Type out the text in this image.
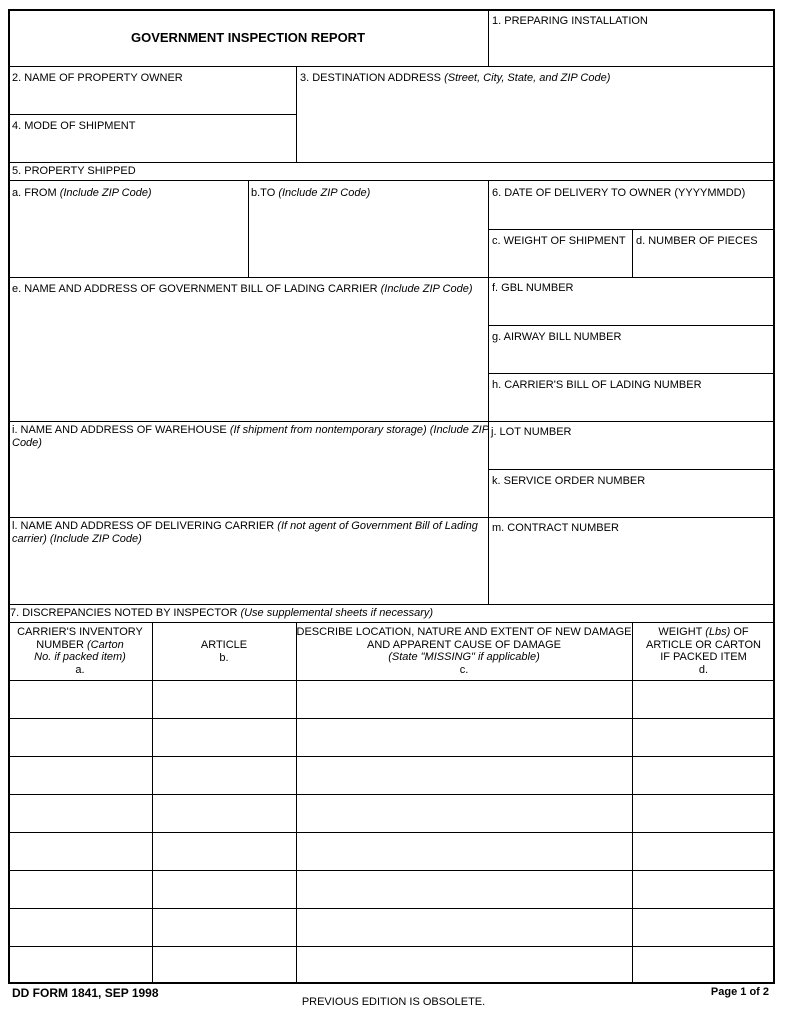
GOVERNMENT INSPECTION REPORT
1. PREPARING INSTALLATION
2. NAME OF PROPERTY OWNER	3. DESTINATION ADDRESS (Street, City, State, and ZIP Code)
4. MODE OF SHIPMENT
5. PROPERTY SHIPPED
a. FROM (Include ZIP Code)	b.TO (Include ZIP Code)	6. DATE OF DELIVERY TO OWNER (YYYYMMDD)
c. WEIGHT OF SHIPMENT d. NUMBER OF PIECES
e. NAME AND ADDRESS OF GOVERNMENT BILL OF LADING CARRIER (Include ZIP Code) f. GBL NUMBER
g. AIRWAY BILL NUMBER
h. CARRIER'S BILL OF LADING NUMBER
i. NAME AND ADDRESS OF WAREHOUSE (If shipment from nontemporary storage) (Include ZIP
Code)
j. LOT NUMBER
k. SERVICE ORDER NUMBER
l. NAME AND ADDRESS OF DELIVERING CARRIER (If not agent of Government Bill of Lading
carrier) (Include ZIP Code)
m. CONTRACT NUMBER
7. DISCREPANCIES NOTED BY INSPECTOR (Use supplemental sheets if necessary)
CARRIER'S INVENTORY
NUMBER (Carton
No. if packed item)
a.
ARTICLE
b.
DESCRIBE LOCATION, NATURE AND EXTENT OF NEW DAMAGE
AND APPARENT CAUSE OF DAMAGE
(State "MISSING" if applicable)
c.
WEIGHT (Lbs) OF
ARTICLE OR CARTON
IF PACKED ITEM
d.
DD FORM 1841, SEP 1998
PREVIOUS EDITION IS OBSOLETE.
Page 1 of 2
